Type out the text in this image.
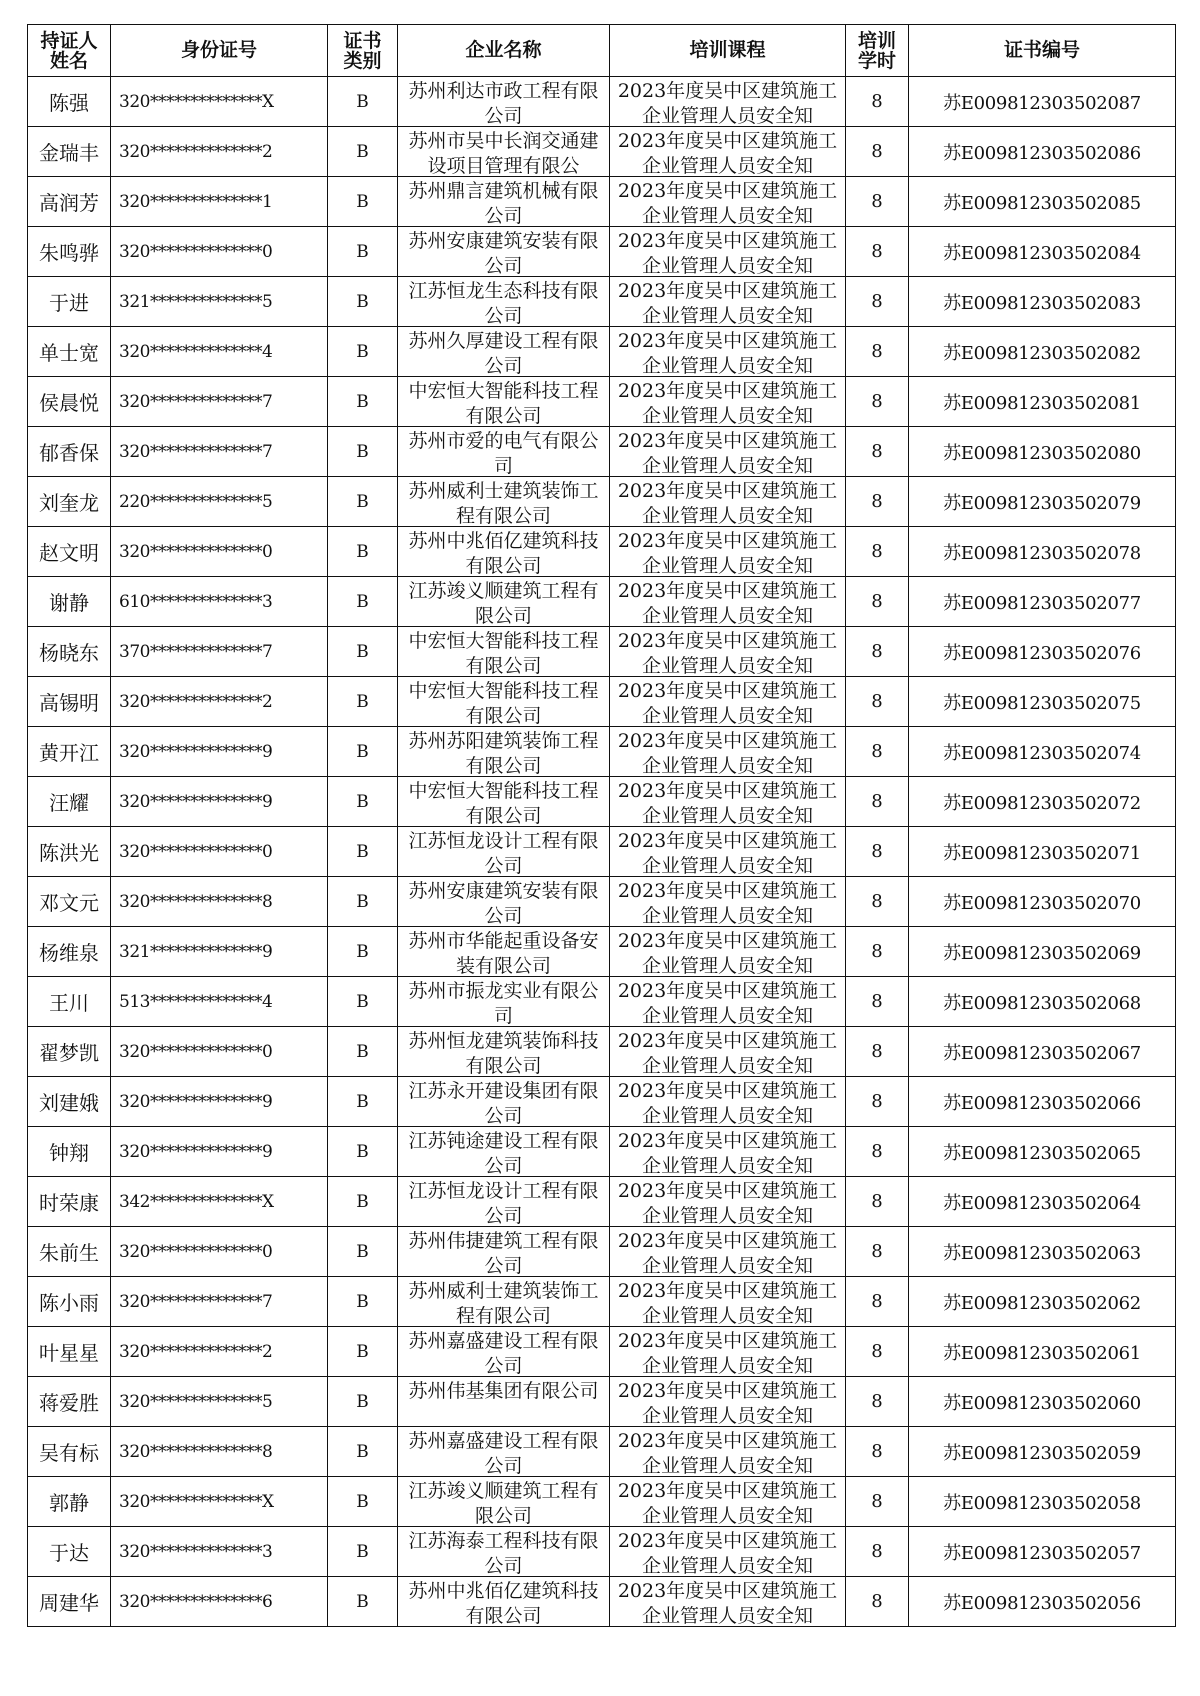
持证人姓名	身份证号	证书类别	企业名称	培训课程	培训学时	证书编号
陈强	320**************X	B	苏州利达市政工程有限公司	2023年度吴中区建筑施工企业管理人员安全知	8	苏E009812303502087
金瑞丰	320**************2	B	苏州市吴中长润交通建设项目管理有限公	2023年度吴中区建筑施工企业管理人员安全知	8	苏E009812303502086
高润芳	320**************1	B	苏州鼎言建筑机械有限公司	2023年度吴中区建筑施工企业管理人员安全知	8	苏E009812303502085
朱鸣骅	320**************0	B	苏州安康建筑安装有限公司	2023年度吴中区建筑施工企业管理人员安全知	8	苏E009812303502084
于进	321**************5	B	江苏恒龙生态科技有限公司	2023年度吴中区建筑施工企业管理人员安全知	8	苏E009812303502083
单士宽	320**************4	B	苏州久厚建设工程有限公司	2023年度吴中区建筑施工企业管理人员安全知	8	苏E009812303502082
侯晨悦	320**************7	B	中宏恒大智能科技工程有限公司	2023年度吴中区建筑施工企业管理人员安全知	8	苏E009812303502081
郁香保	320**************7	B	苏州市爱的电气有限公司	2023年度吴中区建筑施工企业管理人员安全知	8	苏E009812303502080
刘奎龙	220**************5	B	苏州威利士建筑装饰工程有限公司	2023年度吴中区建筑施工企业管理人员安全知	8	苏E009812303502079
赵文明	320**************0	B	苏州中兆佰亿建筑科技有限公司	2023年度吴中区建筑施工企业管理人员安全知	8	苏E009812303502078
谢静	610**************3	B	江苏竣义顺建筑工程有限公司	2023年度吴中区建筑施工企业管理人员安全知	8	苏E009812303502077
杨晓东	370**************7	B	中宏恒大智能科技工程有限公司	2023年度吴中区建筑施工企业管理人员安全知	8	苏E009812303502076
高锡明	320**************2	B	中宏恒大智能科技工程有限公司	2023年度吴中区建筑施工企业管理人员安全知	8	苏E009812303502075
黄开江	320**************9	B	苏州苏阳建筑装饰工程有限公司	2023年度吴中区建筑施工企业管理人员安全知	8	苏E009812303502074
汪耀	320**************9	B	中宏恒大智能科技工程有限公司	2023年度吴中区建筑施工企业管理人员安全知	8	苏E009812303502072
陈洪光	320**************0	B	江苏恒龙设计工程有限公司	2023年度吴中区建筑施工企业管理人员安全知	8	苏E009812303502071
邓文元	320**************8	B	苏州安康建筑安装有限公司	2023年度吴中区建筑施工企业管理人员安全知	8	苏E009812303502070
杨维泉	321**************9	B	苏州市华能起重设备安装有限公司	2023年度吴中区建筑施工企业管理人员安全知	8	苏E009812303502069
王川	513**************4	B	苏州市振龙实业有限公司	2023年度吴中区建筑施工企业管理人员安全知	8	苏E009812303502068
翟梦凯	320**************0	B	苏州恒龙建筑装饰科技有限公司	2023年度吴中区建筑施工企业管理人员安全知	8	苏E009812303502067
刘建娥	320**************9	B	江苏永开建设集团有限公司	2023年度吴中区建筑施工企业管理人员安全知	8	苏E009812303502066
钟翔	320**************9	B	江苏钝途建设工程有限公司	2023年度吴中区建筑施工企业管理人员安全知	8	苏E009812303502065
时荣康	342**************X	B	江苏恒龙设计工程有限公司	2023年度吴中区建筑施工企业管理人员安全知	8	苏E009812303502064
朱前生	320**************0	B	苏州伟捷建筑工程有限公司	2023年度吴中区建筑施工企业管理人员安全知	8	苏E009812303502063
陈小雨	320**************7	B	苏州威利士建筑装饰工程有限公司	2023年度吴中区建筑施工企业管理人员安全知	8	苏E009812303502062
叶星星	320**************2	B	苏州嘉盛建设工程有限公司	2023年度吴中区建筑施工企业管理人员安全知	8	苏E009812303502061
蒋爱胜	320**************5	B	苏州伟基集团有限公司	2023年度吴中区建筑施工企业管理人员安全知	8	苏E009812303502060
吴有标	320**************8	B	苏州嘉盛建设工程有限公司	2023年度吴中区建筑施工企业管理人员安全知	8	苏E009812303502059
郭静	320**************X	B	江苏竣义顺建筑工程有限公司	2023年度吴中区建筑施工企业管理人员安全知	8	苏E009812303502058
于达	320**************3	B	江苏海泰工程科技有限公司	2023年度吴中区建筑施工企业管理人员安全知	8	苏E009812303502057
周建华	320**************6	B	苏州中兆佰亿建筑科技有限公司	2023年度吴中区建筑施工企业管理人员安全知	8	苏E009812303502056
